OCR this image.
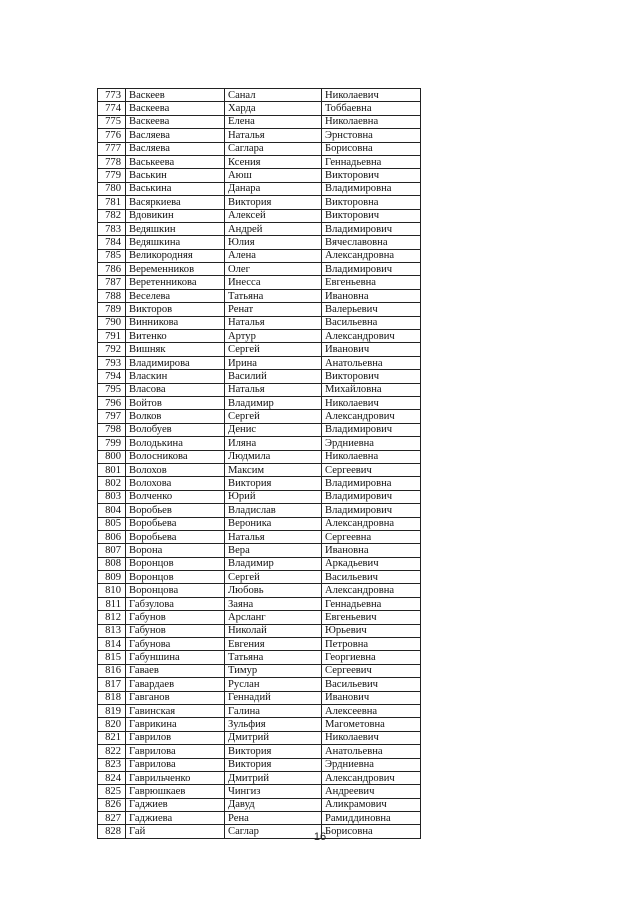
773	Васкеев	Санал	Николаевич
774	Васкеева	Харда	Тоббаевна
775	Васкеева	Елена	Николаевна
776	Васляева	Наталья	Эрнстовна
777	Васляева	Саглара	Борисовна
778	Васькеева	Ксения	Геннадьевна
779	Васькин	Аюш	Викторович
780	Васькина	Данара	Владимировна
781	Васяркиева	Виктория	Викторовна
782	Вдовикин	Алексей	Викторович
783	Ведяшкин	Андрей	Владимирович
784	Ведяшкина	Юлия	Вячеславовна
785	Великородняя	Алена	Александровна
786	Веременников	Олег	Владимирович
787	Веретенникова	Инесса	Евгеньевна
788	Веселева	Татьяна	Ивановна
789	Викторов	Ренат	Валерьевич
790	Винникова	Наталья	Васильевна
791	Витенко	Артур	Александрович
792	Вишняк	Сергей	Иванович
793	Владимирова	Ирина	Анатольевна
794	Власкин	Василий	Викторович
795	Власова	Наталья	Михайловна
796	Войтов	Владимир	Николаевич
797	Волков	Сергей	Александрович
798	Волобуев	Денис	Владимирович
799	Володькина	Иляна	Эрдниевна
800	Волосникова	Людмила	Николаевна
801	Волохов	Максим	Сергеевич
802	Волохова	Виктория	Владимировна
803	Волченко	Юрий	Владимирович
804	Воробьев	Владислав	Владимирович
805	Воробьева	Вероника	Александровна
806	Воробьева	Наталья	Сергеевна
807	Ворона	Вера	Ивановна
808	Воронцов	Владимир	Аркадьевич
809	Воронцов	Сергей	Васильевич
810	Воронцова	Любовь	Александровна
811	Габзулова	Заяна	Геннадьевна
812	Габунов	Арсланг	Евгеньевич
813	Габунов	Николай	Юрьевич
814	Габунова	Евгения	Петровна
815	Габуншина	Татьяна	Георгиевна
816	Гаваев	Тимур	Сергеевич
817	Гавардаев	Руслан	Васильевич
818	Гавганов	Геннадий	Иванович
819	Гавинская	Галина	Алексеевна
820	Гаврикина	Зульфия	Магометовна
821	Гаврилов	Дмитрий	Николаевич
822	Гаврилова	Виктория	Анатольевна
823	Гаврилова	Виктория	Эрдниевна
824	Гаврильченко	Дмитрий	Александрович
825	Гаврюшкаев	Чингиз	Андреевич
826	Гаджиев	Давуд	Аликрамович
827	Гаджиева	Рена	Рамиддиновна
828	Гай	Саглар	Борисовна
16
